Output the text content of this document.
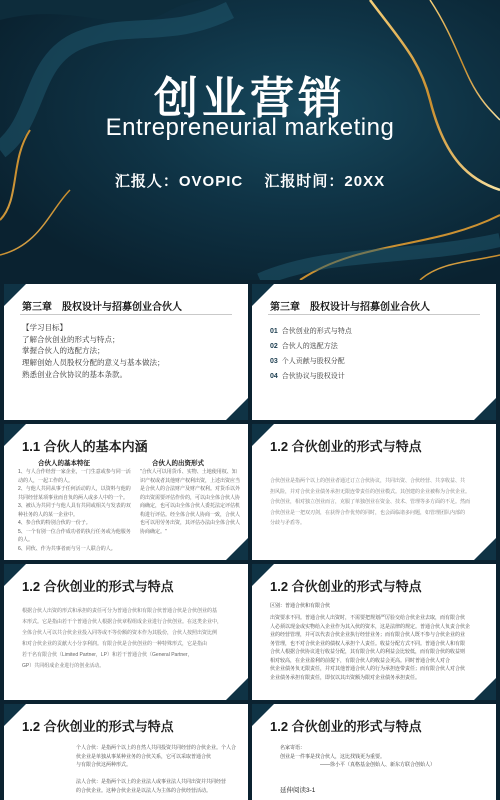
创业营销
Entrepreneurial marketing
汇报人：OVOPIC 汇报时间：20XX
第三章　股权设计与招募创业合伙人
【学习目标】
了解合伙创业的形式与特点；
掌握合伙人的选配方法；
理解创始人员股权分配的意义与基本做法；
熟悉创业合伙协议的基本条款。
第三章　股权设计与招募创业合伙人
01 合伙创业的形式与特点
02 合伙人的选配方法
03 个人贡献与股权分配
04 合伙协议与股权设计
1.1 合伙人的基本内涵
合伙人的基本特征	合伙人的出资形式
1、与人合作经营一家企业，一门生意或参与同一活
动的人，一起工作的人。
2、与他人共同从事于任何活动的人，以资料与他的
共同经营某项事业而自负的两人或多人中的一个。
3、被认为共同于与他人具有共同或相关与发表的双
种社务的人的某一企业中。
4、参合伙的特别合伙的一份子。
5、一个有别一位合作成功者的执行任务或为他服务
的人。
6、同伙、作为共事者而与另一人联合的人。
"合伙人可以用货币、实物、土地使用权、知
识产权或者其他财产权利出资，上述出资应当
是合伙人的合法财产及财产权利。对货币以外
的出资需要评估作价的，可以由全体合伙人协
商确定，也可以由全体合伙人委托法定评估机
构进行评估。经全体合伙人协商一致，合伙人
也可以用劳务出资，其评估办法由全体合伙人
协商确定。"
1.2 合伙创业的形式与特点
合伙创业是指两个以上的创业者通过订立合伙协议，共同出资、合伙经营、共享收益、共
担风险，并对合伙企业债务承担无限连带责任的创业模式。其创建的企业被称为合伙企业。
合伙创业，相对独立创业而言，克服了单独创业在资金、技术、管理等多方面的不足。然而
合伙创业是一把双刃剑，在获得合作优势的同时，也会面临诸多问题，如管理团队内部的
分歧与矛盾等。
1.2 合伙创业的形式与特点
根据合伙人出资的形式和承担的责任可分为普通合伙和有限合伙普通合伙是合伙创业的基
本形式。它是指由若干个普通合伙人根据合伙章程组成企业进行合伙创业。在这类企业中，
全体合伙人可以共合伙企业投入同等或不等份额的资本作为其股份，合伙人按照出资比例
和对合伙企业的贡献大小分享利润。有限合伙是合伙创业的一种特殊形式，它是指由
若干名有限合伙（Limited Partner，LP）和若干普通合伙（General Partner，
GP）共同组成企业进行的创业活动。
1.2 合伙创业的形式与特点
区别：普通合伙和有限合伙
出资要求不同。普通合伙人出资时，不需要把规划严厉验交给合伙企业去取，而有限合伙
人必须以现金或实物给入企业作为其入伙的资本，这是法律的规定。普通合伙人负责合伙企
业的经营管理，并可以代表合伙企业执行经营业务；而有限合伙人既不参与合伙企业的业
务管理，也不对合伙企业的债权人承担个人责任。收益分配方式不同。普通合伙人和有限
合伙人根据合伙协议进行收益分配，其有限合伙人的利益会比较低，而有限合伙的收益则
相对较高，在企业盈利的前提下，有限合伙人的收益会更高。同时普通合伙人对合
伙企业债务负无限责任，并对其他普通合伙人的行为承担连带责任；而有限合伙人对合伙
企业债务承担有限责任，即仅以其出资额为限对企业债务承担责任。
1.2 合伙创业的形式与特点
个人合伙：是指两个以上的自然人共同投资共同经营的合伙企业。个人合
伙企业是单独从事某种业务的合伙关系，它可以采取普通合伙
与有限合伙这两种形式。

法人合伙：是指两个以上的企业法人或事业法人共同出资并共同经营
的合伙企业。这种合伙企业是以法人为主体的合伙经营活动。
1.2 合伙创业的形式与特点
名家寄语：
创业是一件事是找合伙人，这比找钱更为重要。
——徐小平（真格基金创始人、新东方联合创始人）
延伸阅读3-1
